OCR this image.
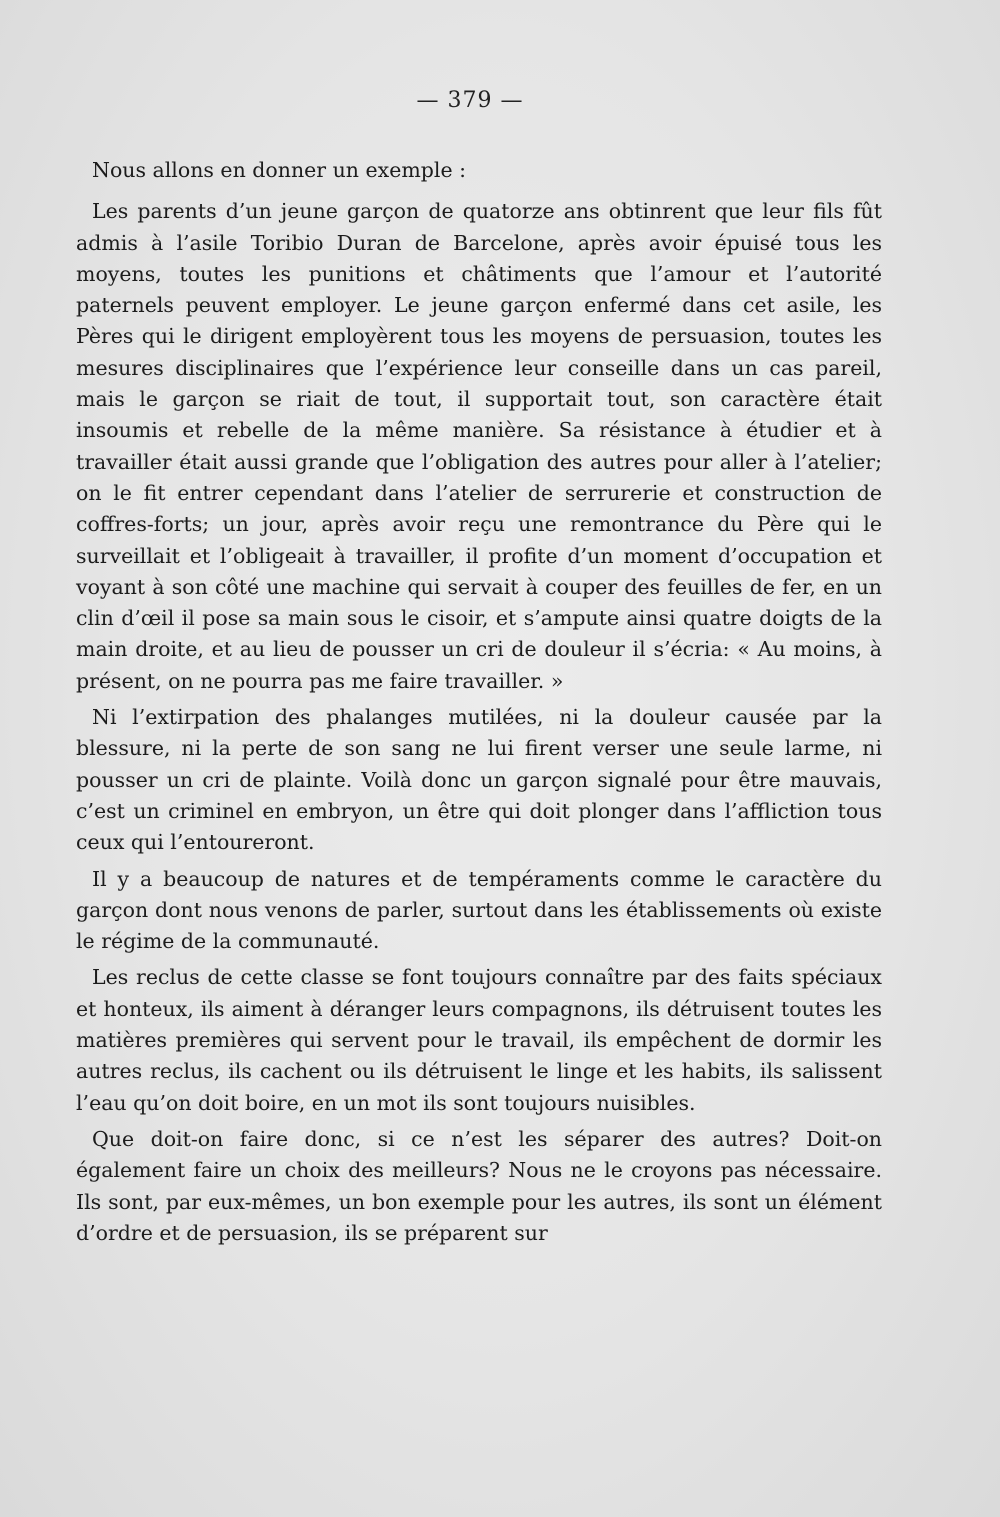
— 379 —

Nous allons en donner un exemple :

Les parents d’un jeune garçon de quatorze ans obtinrent que leur fils fût admis à l’asile Toribio Duran de Barcelone, après avoir épuisé tous les moyens, toutes les punitions et châtiments que l’amour et l’autorité paternels peuvent employer. Le jeune garçon enfermé dans cet asile, les Pères qui le dirigent employèrent tous les moyens de persuasion, toutes les mesures disciplinaires que l’expérience leur conseille dans un cas pareil, mais le garçon se riait de tout, il supportait tout, son caractère était insoumis et rebelle de la même manière. Sa résistance à étudier et à travailler était aussi grande que l’obligation des autres pour aller à l’atelier; on le fit entrer cependant dans l’atelier de serrurerie et construction de coffres-forts; un jour, après avoir reçu une remontrance du Père qui le surveillait et l’obligeait à travailler, il profite d’un moment d’occupation et voyant à son côté une machine qui servait à couper des feuilles de fer, en un clin d’œil il pose sa main sous le cisoir, et s’ampute ainsi quatre doigts de la main droite, et au lieu de pousser un cri de douleur il s’écria: « Au moins, à présent, on ne pourra pas me faire travailler. »

Ni l’extirpation des phalanges mutilées, ni la douleur causée par la blessure, ni la perte de son sang ne lui firent verser une seule larme, ni pousser un cri de plainte. Voilà donc un garçon signalé pour être mauvais, c’est un criminel en embryon, un être qui doit plonger dans l’affliction tous ceux qui l’entoureront.

Il y a beaucoup de natures et de tempéraments comme le caractère du garçon dont nous venons de parler, surtout dans les établissements où existe le régime de la communauté.

Les reclus de cette classe se font toujours connaître par des faits spéciaux et honteux, ils aiment à déranger leurs compagnons, ils détruisent toutes les matières premières qui servent pour le travail, ils empêchent de dormir les autres reclus, ils cachent ou ils détruisent le linge et les habits, ils salissent l’eau qu’on doit boire, en un mot ils sont toujours nuisibles.

Que doit-on faire donc, si ce n’est les séparer des autres? Doit-on également faire un choix des meilleurs? Nous ne le croyons pas nécessaire. Ils sont, par eux-mêmes, un bon exemple pour les autres, ils sont un élément d’ordre et de persuasion, ils se préparent sur
